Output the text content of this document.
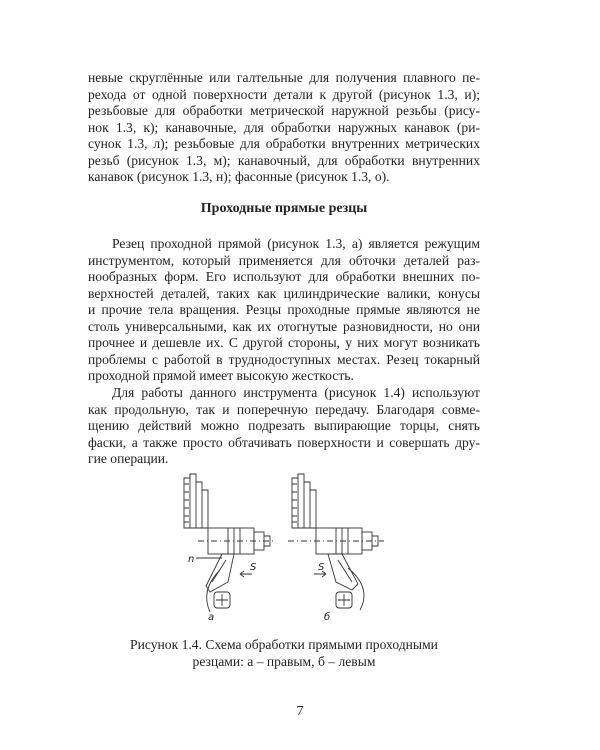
невые скруглённые или галтельные для получения плавного пе-
рехода от одной поверхности детали к другой (рисунок 1.3, и);
резьбовые для обработки метрической наружной резьбы (рису-
нок 1.3, к); канавочные, для обработки наружных канавок (ри-
сунок 1.3, л); резьбовые для обработки внутренних метрических
резьб (рисунок 1.3, м); канавочный, для обработки внутренних
канавок (рисунок 1.3, н); фасонные (рисунок 1.3, о).
Проходные прямые резцы
Резец проходной прямой (рисунок 1.3, а) является режущим
инструментом, который применяется для обточки деталей раз-
нообразных форм. Его используют для обработки внешних по-
верхностей деталей, таких как цилиндрические валики, конусы
и прочие тела вращения. Резцы проходные прямые являются не
столь универсальными, как их отогнутые разновидности, но они
прочнее и дешевле их. С другой стороны, у них могут возникать
проблемы с работой в труднодоступных местах. Резец токарный
проходной прямой имеет высокую жесткость.
Для работы данного инструмента (рисунок 1.4) используют
как продольную, так и поперечную передачу. Благодаря совме-
щению действий можно подрезать выпирающие торцы, снять
фаски, а также просто обтачивать поверхности и совершать дру-
гие операции.
n
S	S
а	б
Рисунок 1.4. Схема обработки прямыми проходными
резцами: а – правым, б – левым
7
